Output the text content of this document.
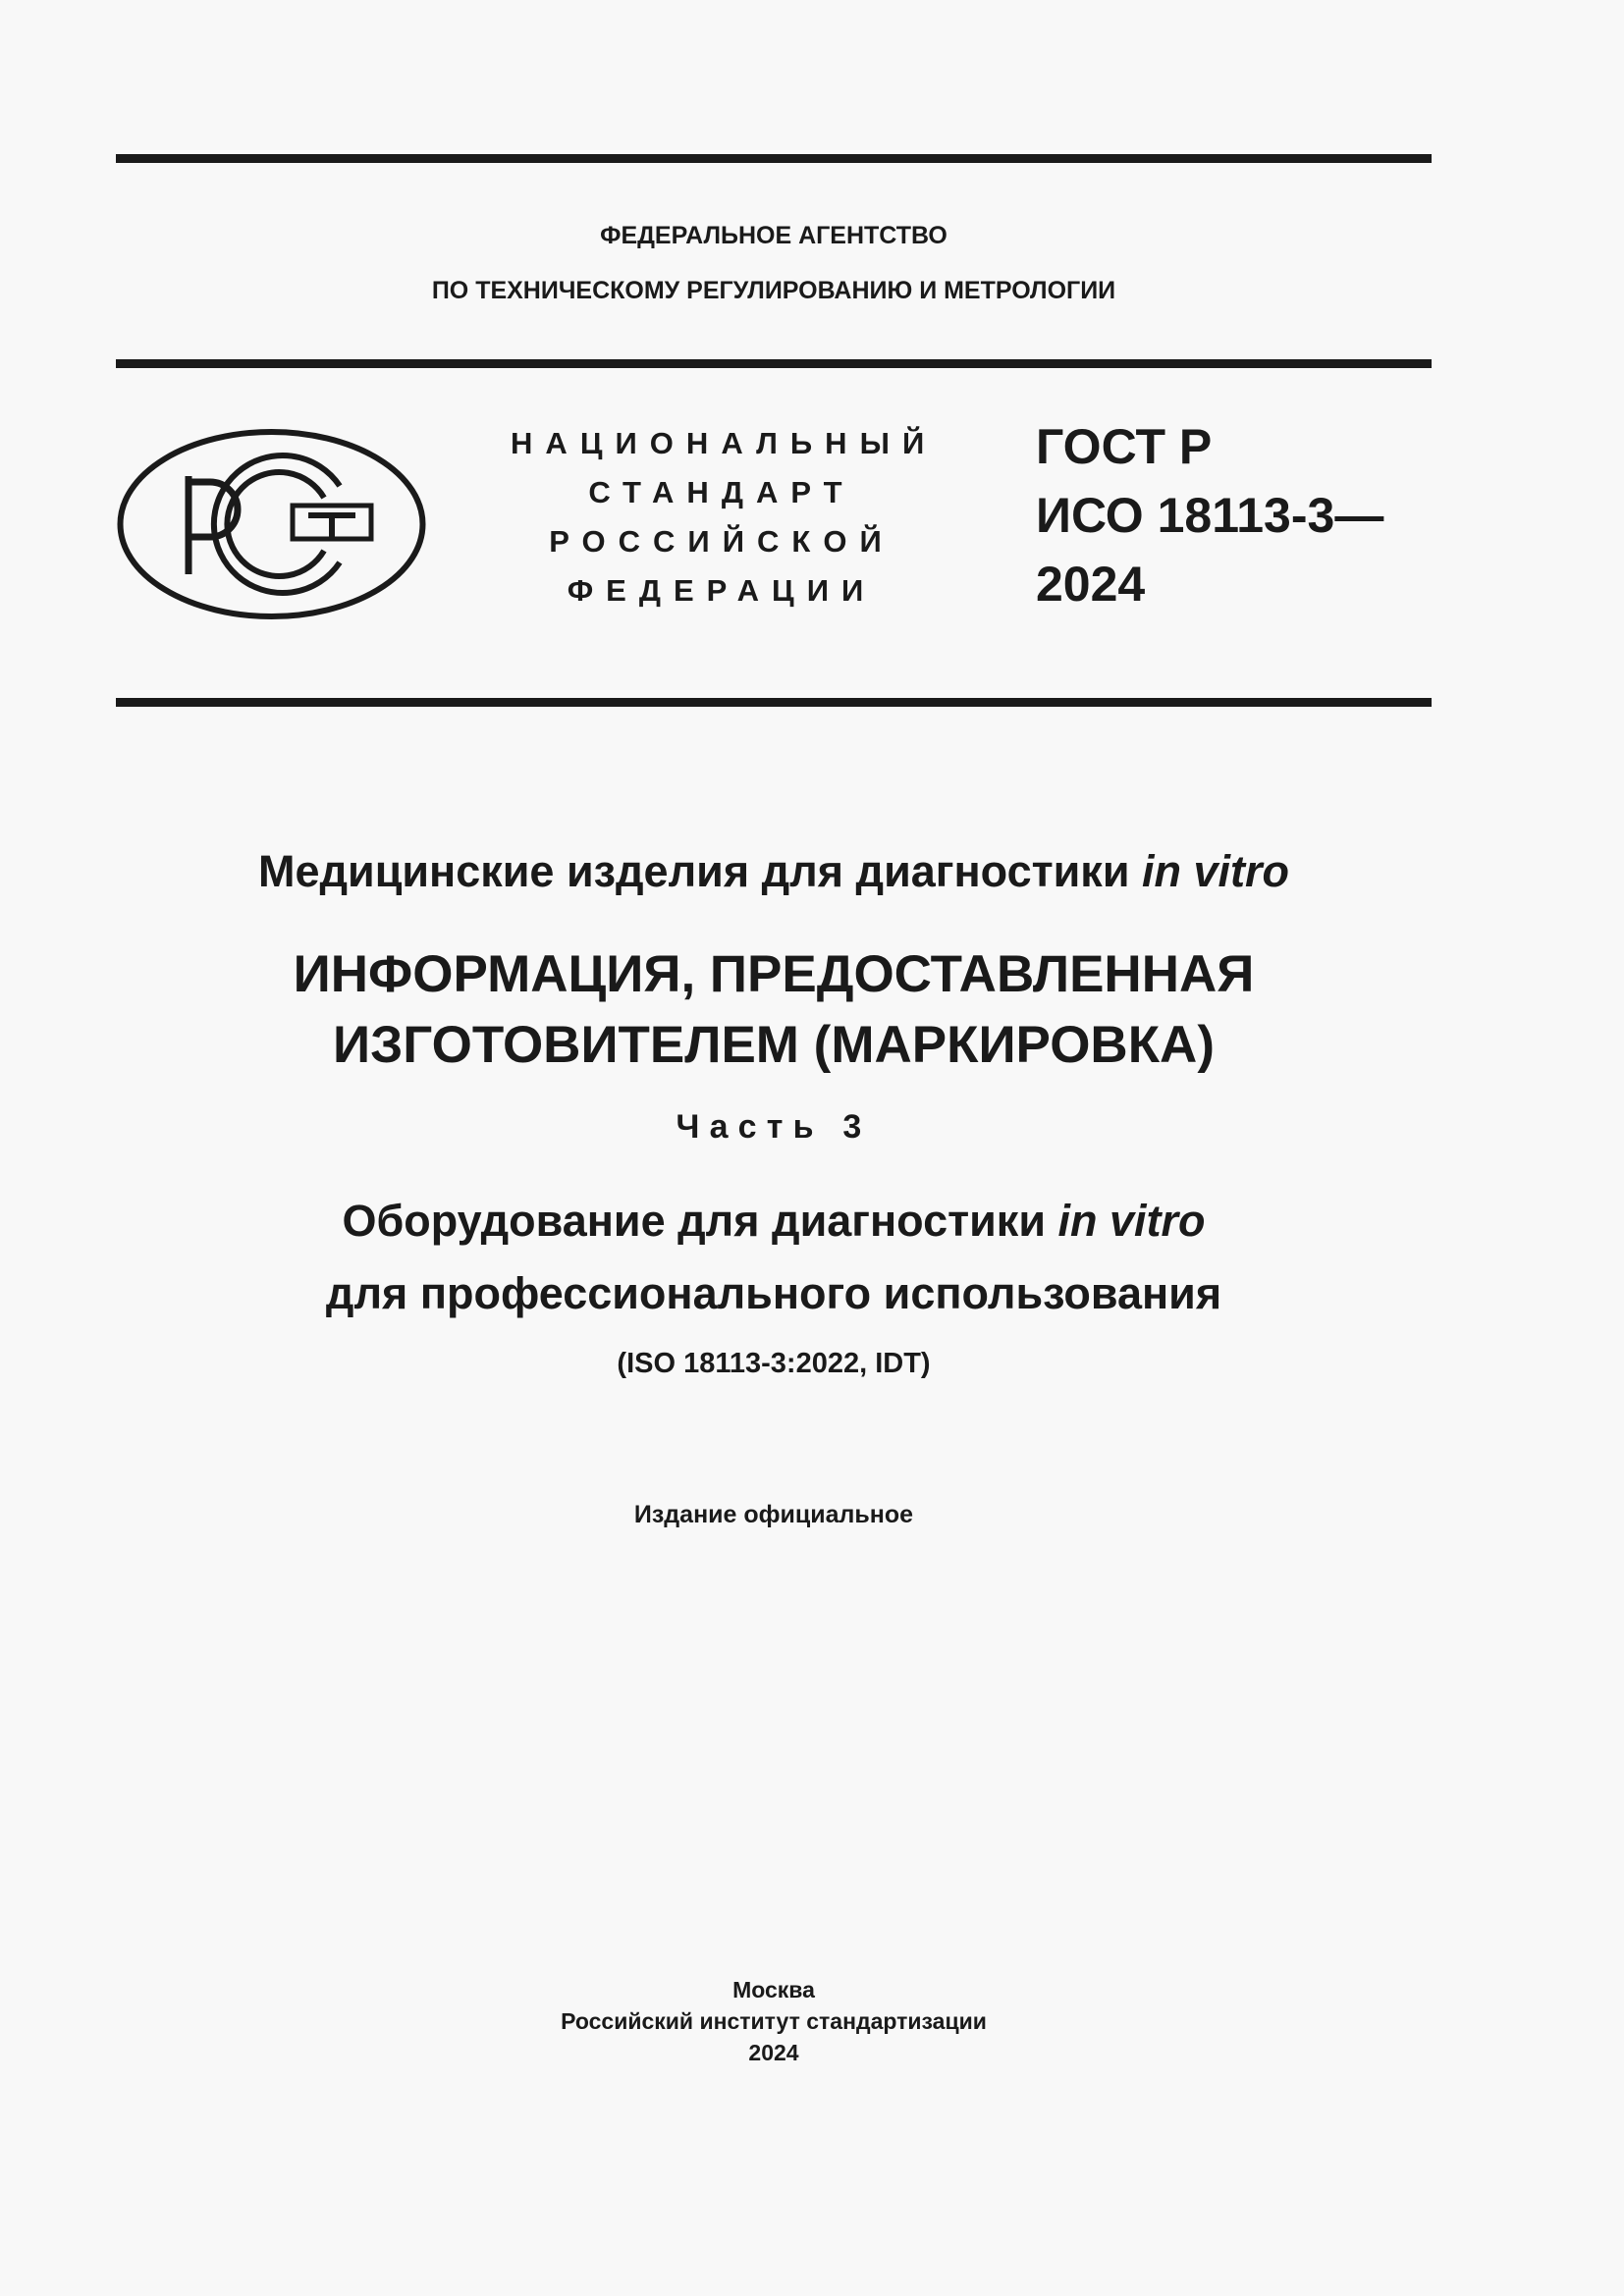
ФЕДЕРАЛЬНОЕ АГЕНТСТВО
ПО ТЕХНИЧЕСКОМУ РЕГУЛИРОВАНИЮ И МЕТРОЛОГИИ
НАЦИОНАЛЬНЫЙ
СТАНДАРТ
РОССИЙСКОЙ
ФЕДЕРАЦИИ
ГОСТ Р
ИСО 18113-3—
2024
Медицинские изделия для диагностики in vitro
ИНФОРМАЦИЯ, ПРЕДОСТАВЛЕННАЯ
ИЗГОТОВИТЕЛЕМ (МАРКИРОВКА)
Часть 3
Оборудование для диагностики in vitro
для профессионального использования
(ISO 18113-3:2022, IDT)
Издание официальное
Москва
Российский институт стандартизации
2024
